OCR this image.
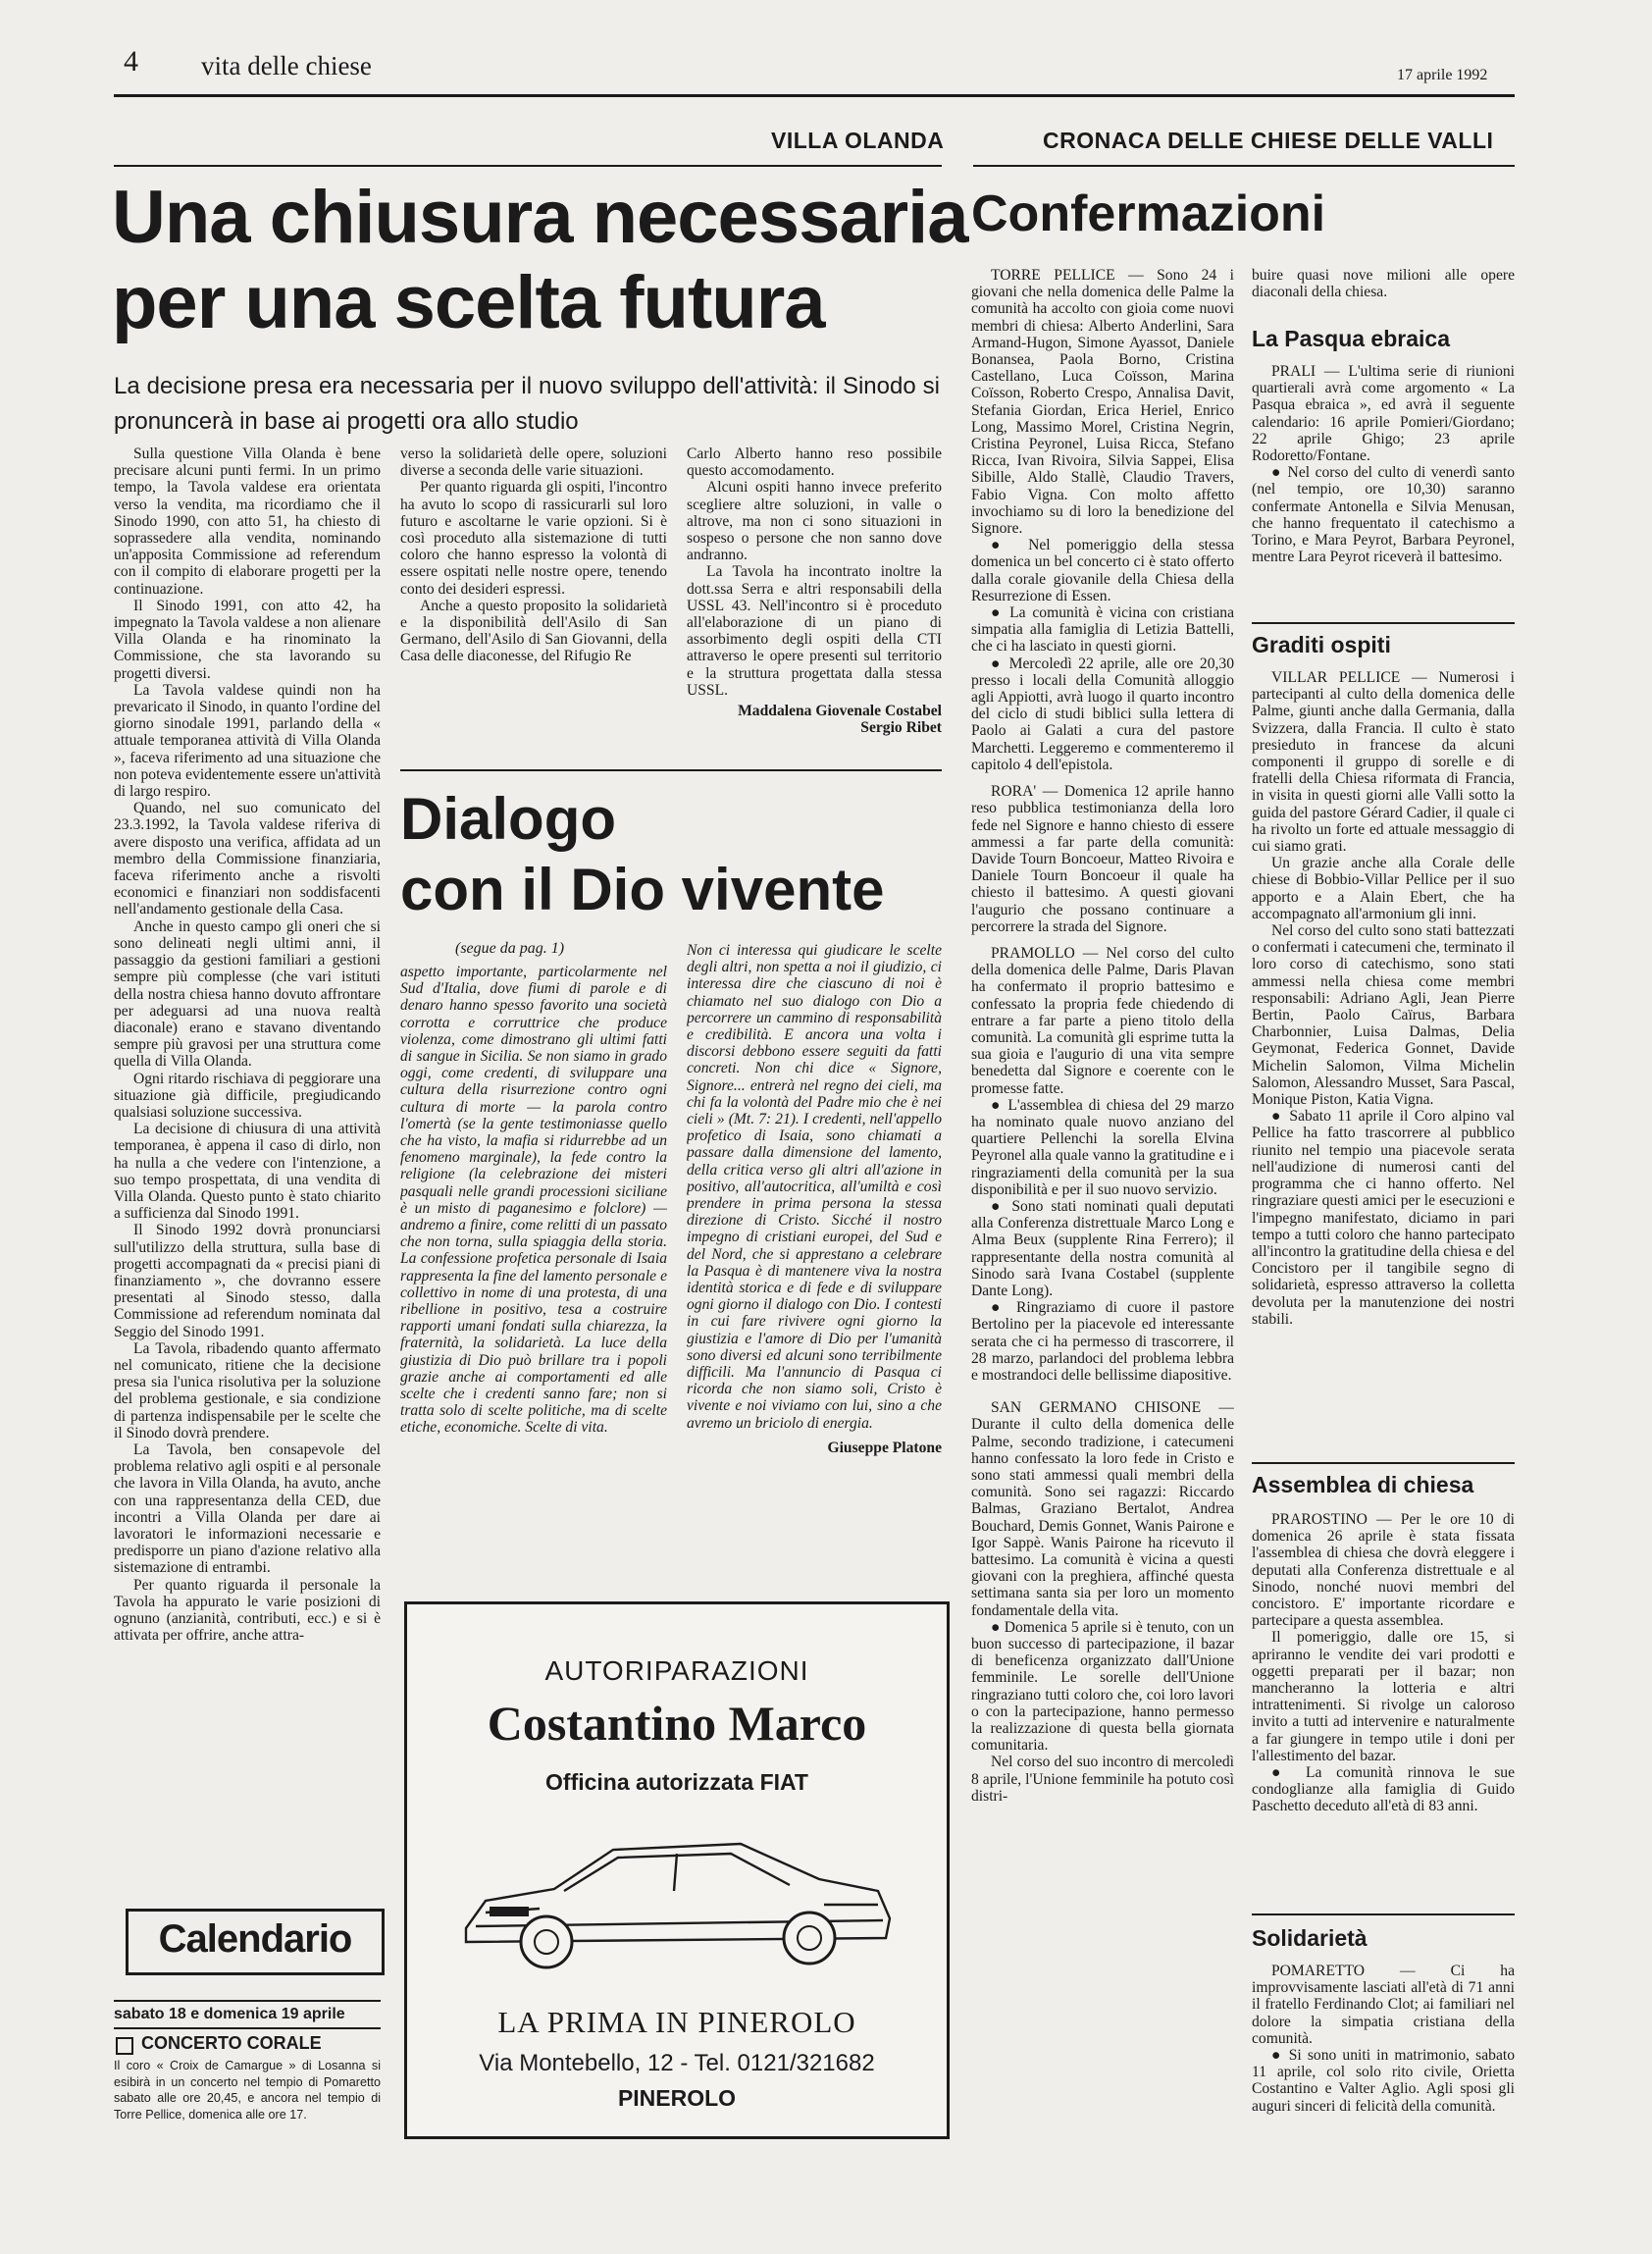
4 vita delle chiese	17 aprile 1992
VILLA OLANDA	CRONACA DELLE CHIESE DELLE VALLI
Una chiusura necessaria
per una scelta futura
La decisione presa era necessaria per il nuovo sviluppo dell'attività: il Sinodo si pronuncerà in base ai progetti ora allo studio

Sulla questione Villa Olanda è bene precisare alcuni punti fermi. In un primo tempo, la Tavola valdese era orientata verso la vendita, ma ricordiamo che il Sinodo 1990, con atto 51, ha chiesto di soprassedere alla vendita, nominando un'apposita Commissione ad referendum con il compito di elaborare progetti per la continuazione.

Il Sinodo 1991, con atto 42, ha impegnato la Tavola valdese a non alienare Villa Olanda e ha rinominato la Commissione, che sta lavorando su progetti diversi.

La Tavola valdese quindi non ha prevaricato il Sinodo, in quanto l'ordine del giorno sinodale 1991, parlando della « attuale temporanea attività di Villa Olanda », faceva riferimento ad una situazione che non poteva evidentemente essere un'attività di largo respiro.

Quando, nel suo comunicato del 23.3.1992, la Tavola valdese riferiva di avere disposto una verifica, affidata ad un membro della Commissione finanziaria, faceva riferimento anche a risvolti economici e finanziari non soddisfacenti nell'andamento gestionale della Casa.

Anche in questo campo gli oneri che si sono delineati negli ultimi anni, il passaggio da gestioni familiari a gestioni sempre più complesse (che vari istituti della nostra chiesa hanno dovuto affrontare per adeguarsi ad una nuova realtà diaconale) erano e stavano diventando sempre più gravosi per una struttura come quella di Villa Olanda.

Ogni ritardo rischiava di peggiorare una situazione già difficile, pregiudicando qualsiasi soluzione successiva.

La decisione di chiusura di una attività temporanea, è appena il caso di dirlo, non ha nulla a che vedere con l'intenzione, a suo tempo prospettata, di una vendita di Villa Olanda. Questo punto è stato chiarito a sufficienza dal Sinodo 1991.

Il Sinodo 1992 dovrà pronunciarsi sull'utilizzo della struttura, sulla base di progetti accompagnati da « precisi piani di finanziamento », che dovranno essere presentati al Sinodo stesso, dalla Commissione ad referendum nominata dal Seggio del Sinodo 1991.

La Tavola, ribadendo quanto affermato nel comunicato, ritiene che la decisione presa sia l'unica risolutiva per la soluzione del problema gestionale, e sia condizione di partenza indispensabile per le scelte che il Sinodo dovrà prendere.

La Tavola, ben consapevole del problema relativo agli ospiti e al personale che lavora in Villa Olanda, ha avuto, anche con una rappresentanza della CED, due incontri a Villa Olanda per dare ai lavoratori le informazioni necessarie e predisporre un piano d'azione relativo alla sistemazione di entrambi.

Per quanto riguarda il personale la Tavola ha appurato le varie posizioni di ognuno (anzianità, contributi, ecc.) e si è attivata per offrire, anche attra-

verso la solidarietà delle opere, soluzioni diverse a seconda delle varie situazioni.

Per quanto riguarda gli ospiti, l'incontro ha avuto lo scopo di rassicurarli sul loro futuro e ascoltarne le varie opzioni. Si è così proceduto alla sistemazione di tutti coloro che hanno espresso la volontà di essere ospitati nelle nostre opere, tenendo conto dei desideri espressi.

Anche a questo proposito la solidarietà e la disponibilità dell'Asilo di San Germano, dell'Asilo di San Giovanni, della Casa delle diaconesse, del Rifugio Re

Carlo Alberto hanno reso possibile questo accomodamento.

Alcuni ospiti hanno invece preferito scegliere altre soluzioni, in valle o altrove, ma non ci sono situazioni in sospeso o persone che non sanno dove andranno.

La Tavola ha incontrato inoltre la dott.ssa Serra e altri responsabili della USSL 43. Nell'incontro si è proceduto all'elaborazione di un piano di assorbimento degli ospiti della CTI attraverso le opere presenti sul territorio e la struttura progettata dalla stessa USSL.

Maddalena Giovenale Costabel
Sergio Ribet
Dialogo
con il Dio vivente
(segue da pag. 1)
aspetto importante, particolarmente nel Sud d'Italia, dove fiumi di parole e di denaro hanno spesso favorito una società corrotta e corruttrice che produce violenza, come dimostrano gli ultimi fatti di sangue in Sicilia. Se non siamo in grado oggi, come credenti, di sviluppare una cultura della risurrezione contro ogni cultura di morte — la parola contro l'omertà (se la gente testimoniasse quello che ha visto, la mafia si ridurrebbe ad un fenomeno marginale), la fede contro la religione (la celebrazione dei misteri pasquali nelle grandi processioni siciliane è un misto di paganesimo e folclore) — andremo a finire, come relitti di un passato che non torna, sulla spiaggia della storia. La confessione profetica personale di Isaia rappresenta la fine del lamento personale e collettivo in nome di una protesta, di una ribellione in positivo, tesa a costruire rapporti umani fondati sulla chiarezza, la fraternità, la solidarietà. La luce della giustizia di Dio può brillare tra i popoli grazie anche ai comportamenti ed alle scelte che i credenti sanno fare; non si tratta solo di scelte politiche, ma di scelte etiche, economiche. Scelte di vita.

Non ci interessa qui giudicare le scelte degli altri, non spetta a noi il giudizio, ci interessa dire che ciascuno di noi è chiamato nel suo dialogo con Dio a percorrere un cammino di responsabilità e credibilità. E ancora una volta i discorsi debbono essere seguiti da fatti concreti. Non chi dice « Signore, Signore... entrerà nel regno dei cieli, ma chi fa la volontà del Padre mio che è nei cieli » (Mt. 7: 21). I credenti, nell'appello profetico di Isaia, sono chiamati a passare dalla dimensione del lamento, della critica verso gli altri all'azione in positivo, all'autocritica, all'umiltà e così prendere in prima persona la stessa direzione di Cristo. Sicché il nostro impegno di cristiani europei, del Sud e del Nord, che si apprestano a celebrare la Pasqua è di mantenere viva la nostra identità storica e di fede e di sviluppare ogni giorno il dialogo con Dio. I contesti in cui fare rivivere ogni giorno la giustizia e l'amore di Dio per l'umanità sono diversi ed alcuni sono terribilmente difficili. Ma l'annuncio di Pasqua ci ricorda che non siamo soli, Cristo è vivente e noi viviamo con lui, sino a che avremo un briciolo di energia.

Giuseppe Platone
AUTORIPARAZIONI
Costantino Marco
Officina autorizzata FIAT
LA PRIMA IN PINEROLO
Via Montebello, 12 - Tel. 0121/321682
PINEROLO
Calendario
sabato 18 e domenica 19 aprile
CONCERTO CORALE
Il coro « Croix de Camargue » di Losanna si esibirà in un concerto nel tempio di Pomaretto sabato alle ore 20,45, e ancora nel tempio di Torre Pellice, domenica alle ore 17.
Confermazioni

TORRE PELLICE — Sono 24 i giovani che nella domenica delle Palme la comunità ha accolto con gioia come nuovi membri di chiesa: Alberto Anderlini, Sara Armand-Hugon, Simone Ayassot, Daniele Bonansea, Paola Borno, Cristina Castellano, Luca Coïsson, Marina Coïsson, Roberto Crespo, Annalisa Davit, Stefania Giordan, Erica Heriel, Enrico Long, Massimo Morel, Cristina Negrin, Cristina Peyronel, Luisa Ricca, Stefano Ricca, Ivan Rivoira, Silvia Sappei, Elisa Sibille, Aldo Stallè, Claudio Travers, Fabio Vigna. Con molto affetto invochiamo su di loro la benedizione del Signore.

● Nel pomeriggio della stessa domenica un bel concerto ci è stato offerto dalla corale giovanile della Chiesa della Resurrezione di Essen.

● La comunità è vicina con cristiana simpatia alla famiglia di Letizia Battelli, che ci ha lasciato in questi giorni.

● Mercoledì 22 aprile, alle ore 20,30 presso i locali della Comunità alloggio agli Appiotti, avrà luogo il quarto incontro del ciclo di studi biblici sulla lettera di Paolo ai Galati a cura del pastore Marchetti. Leggeremo e commenteremo il capitolo 4 dell'epistola.

RORA' — Domenica 12 aprile hanno reso pubblica testimonianza della loro fede nel Signore e hanno chiesto di essere ammessi a far parte della comunità: Davide Tourn Boncoeur, Matteo Rivoira e Daniele Tourn Boncoeur il quale ha chiesto il battesimo. A questi giovani l'augurio che possano continuare a percorrere la strada del Signore.

PRAMOLLO — Nel corso del culto della domenica delle Palme, Daris Plavan ha confermato il proprio battesimo e confessato la propria fede chiedendo di entrare a far parte a pieno titolo della comunità. La comunità gli esprime tutta la sua gioia e l'augurio di una vita sempre benedetta dal Signore e coerente con le promesse fatte.

● L'assemblea di chiesa del 29 marzo ha nominato quale nuovo anziano del quartiere Pellenchi la sorella Elvina Peyronel alla quale vanno la gratitudine e i ringraziamenti della comunità per la sua disponibilità e per il suo nuovo servizio.

● Sono stati nominati quali deputati alla Conferenza distrettuale Marco Long e Alma Beux (supplente Rina Ferrero); il rappresentante della nostra comunità al Sinodo sarà Ivana Costabel (supplente Dante Long).

● Ringraziamo di cuore il pastore Bertolino per la piacevole ed interessante serata che ci ha permesso di trascorrere, il 28 marzo, parlandoci del problema lebbra e mostrandoci delle bellissime diapositive.

SAN GERMANO CHISONE — Durante il culto della domenica delle Palme, secondo tradizione, i catecumeni hanno confessato la loro fede in Cristo e sono stati ammessi quali membri della comunità. Sono sei ragazzi: Riccardo Balmas, Graziano Bertalot, Andrea Bouchard, Demis Gonnet, Wanis Pairone e Igor Sappè. Wanis Pairone ha ricevuto il battesimo. La comunità è vicina a questi giovani con la preghiera, affinché questa settimana santa sia per loro un momento fondamentale della vita.

● Domenica 5 aprile si è tenuto, con un buon successo di partecipazione, il bazar di beneficenza organizzato dall'Unione femminile. Le sorelle dell'Unione ringraziano tutti coloro che, coi loro lavori o con la partecipazione, hanno permesso la realizzazione di questa bella giornata comunitaria.

Nel corso del suo incontro di mercoledì 8 aprile, l'Unione femminile ha potuto così distri-

buire quasi nove milioni alle opere diaconali della chiesa.

La Pasqua ebraica

PRALI — L'ultima serie di riunioni quartierali avrà come argomento « La Pasqua ebraica », ed avrà il seguente calendario: 16 aprile Pomieri/Giordano; 22 aprile Ghigo; 23 aprile Rodoretto/Fontane.

● Nel corso del culto di venerdì santo (nel tempio, ore 10,30) saranno confermate Antonella e Silvia Menusan, che hanno frequentato il catechismo a Torino, e Mara Peyrot, Barbara Peyronel, mentre Lara Peyrot riceverà il battesimo.

Graditi ospiti

VILLAR PELLICE — Numerosi i partecipanti al culto della domenica delle Palme, giunti anche dalla Germania, dalla Svizzera, dalla Francia. Il culto è stato presieduto in francese da alcuni componenti il gruppo di sorelle e di fratelli della Chiesa riformata di Francia, in visita in questi giorni alle Valli sotto la guida del pastore Gérard Cadier, il quale ci ha rivolto un forte ed attuale messaggio di cui siamo grati.

Un grazie anche alla Corale delle chiese di Bobbio-Villar Pellice per il suo apporto e a Alain Ebert, che ha accompagnato all'armonium gli inni.

Nel corso del culto sono stati battezzati o confermati i catecumeni che, terminato il loro corso di catechismo, sono stati ammessi nella chiesa come membri responsabili: Adriano Agli, Jean Pierre Bertin, Paolo Caïrus, Barbara Charbonnier, Luisa Dalmas, Delia Geymonat, Federica Gonnet, Davide Michelin Salomon, Vilma Michelin Salomon, Alessandro Musset, Sara Pascal, Monique Piston, Katia Vigna.

● Sabato 11 aprile il Coro alpino val Pellice ha fatto trascorrere al pubblico riunito nel tempio una piacevole serata nell'audizione di numerosi canti del programma che ci hanno offerto. Nel ringraziare questi amici per le esecuzioni e l'impegno manifestato, diciamo in pari tempo a tutti coloro che hanno partecipato all'incontro la gratitudine della chiesa e del Concistoro per il tangibile segno di solidarietà, espresso attraverso la colletta devoluta per la manutenzione dei nostri stabili.

Assemblea di chiesa

PRAROSTINO — Per le ore 10 di domenica 26 aprile è stata fissata l'assemblea di chiesa che dovrà eleggere i deputati alla Conferenza distrettuale e al Sinodo, nonché nuovi membri del concistoro. E' importante ricordare e partecipare a questa assemblea.

Il pomeriggio, dalle ore 15, si apriranno le vendite dei vari prodotti e oggetti preparati per il bazar; non mancheranno la lotteria e altri intrattenimenti. Si rivolge un caloroso invito a tutti ad intervenire e naturalmente a far giungere in tempo utile i doni per l'allestimento del bazar.

● La comunità rinnova le sue condoglianze alla famiglia di Guido Paschetto deceduto all'età di 83 anni.

Solidarietà

POMARETTO — Ci ha improvvisamente lasciati all'età di 71 anni il fratello Ferdinando Clot; ai familiari nel dolore la simpatia cristiana della comunità.

● Si sono uniti in matrimonio, sabato 11 aprile, col solo rito civile, Orietta Costantino e Valter Aglio. Agli sposi gli auguri sinceri di felicità della comunità.
